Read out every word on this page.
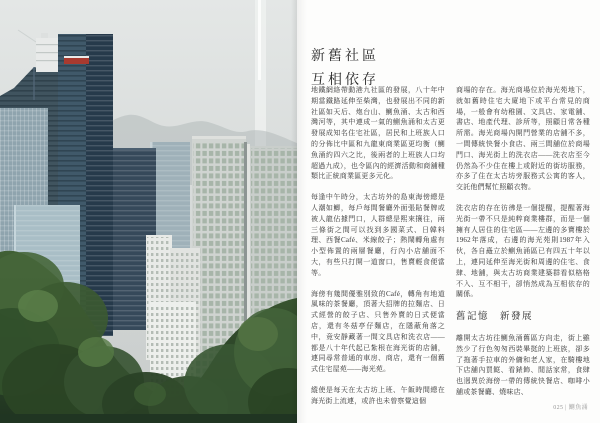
新舊社區
互相依存

地鐵網絡帶動港九社區的發展，八十年中期當鐵路延伸至柴灣，也發展出不同的新社區如天后、炮台山、鰂魚涌、太古和西灣河等，其中連成一氣的鰂魚涌和太古更發展成知名住宅社區，居民和上班族人口的分佈比中區和九龍東商業區更均衡（鰂魚涌約四六之比，後兩者的上班族人口均超過九成），也令區內的經濟活動和商舖種類比正統商業區更多元化。

每逢中午時分，太古坊外的島東海傍總是人潮如鯽，每戶每間餐廳外面張貼餐牌或被人龍佔據門口，人群總是熙來攘往，兩三條街之間可以找到多國菜式、日韓料理、西餐Café、米線餃子；熱鬧轉角處有小型佈置的兩層餐廳，行內小店舖面不大，有些只打開一道窗口，售賣輕食便當等。

海傍有幾間優雅別致的Café，轉角有地道風味的茶餐廳，頂著大招牌的拉麵店、日式經營的餃子店、只售外賣的日式便當店，還有冬菇亭仔麵店，在隱蔽角落之中，竟安靜藏著一間文具店和洗衣店——都是八十年代起已紮根在海光街的店舖，連同尋常普通的車房、商店，還有一個舊式住宅屋苑——海光苑。

縱使是每天在太古坊上班、午飯時間總在海光街上流連，或許也未曾察覺這個

商場的存在。海光商場位於海光苑地下，就如舊時住宅大廈地下或平台常見的商場，一般會有幼稚園、文具店、家電舖、書店、地產代理、診所等，照顧日常各種所需。海光商場內開門營業的店舖不多，一間傳統快餐小食店、兩三間舖位於商場門口、海光街上的洗衣店——洗衣店至今仍然為不少住在樓上或附近的街坊服務，亦多了住在太古坊旁服務式公寓的客人，交託他們幫忙照顧衣物。

洗衣店的存在彷彿是一個提醒，提醒著海光街一帶不只是純粹商業樓群，而是一個擁有人居住的住宅區——左邊的多寶樓於1962年落成，右邊的海光苑則1987年入伙，各自矗立於鰂魚涌區已有四五十年以上，連同延伸至海光街和周邊的住宅、食肆、地舖，與太古坊商業建築群看似格格不入、互不相干，卻悄然成為互相依存的關係。

舊記憶　新發展

離開太古坊往鰂魚涌舊區方向走，街上雖然少了行色匆匆西裝畢挺的上班族，卻多了拖著手拉車的外傭和老人家，在騎樓地下店舖內買餸、看錶飾、閒話家常，食肆也迥異於海傍一帶的傳統快餐店、咖啡小舖或茶餐廳、燒味店、

025 | 鰂魚涌
